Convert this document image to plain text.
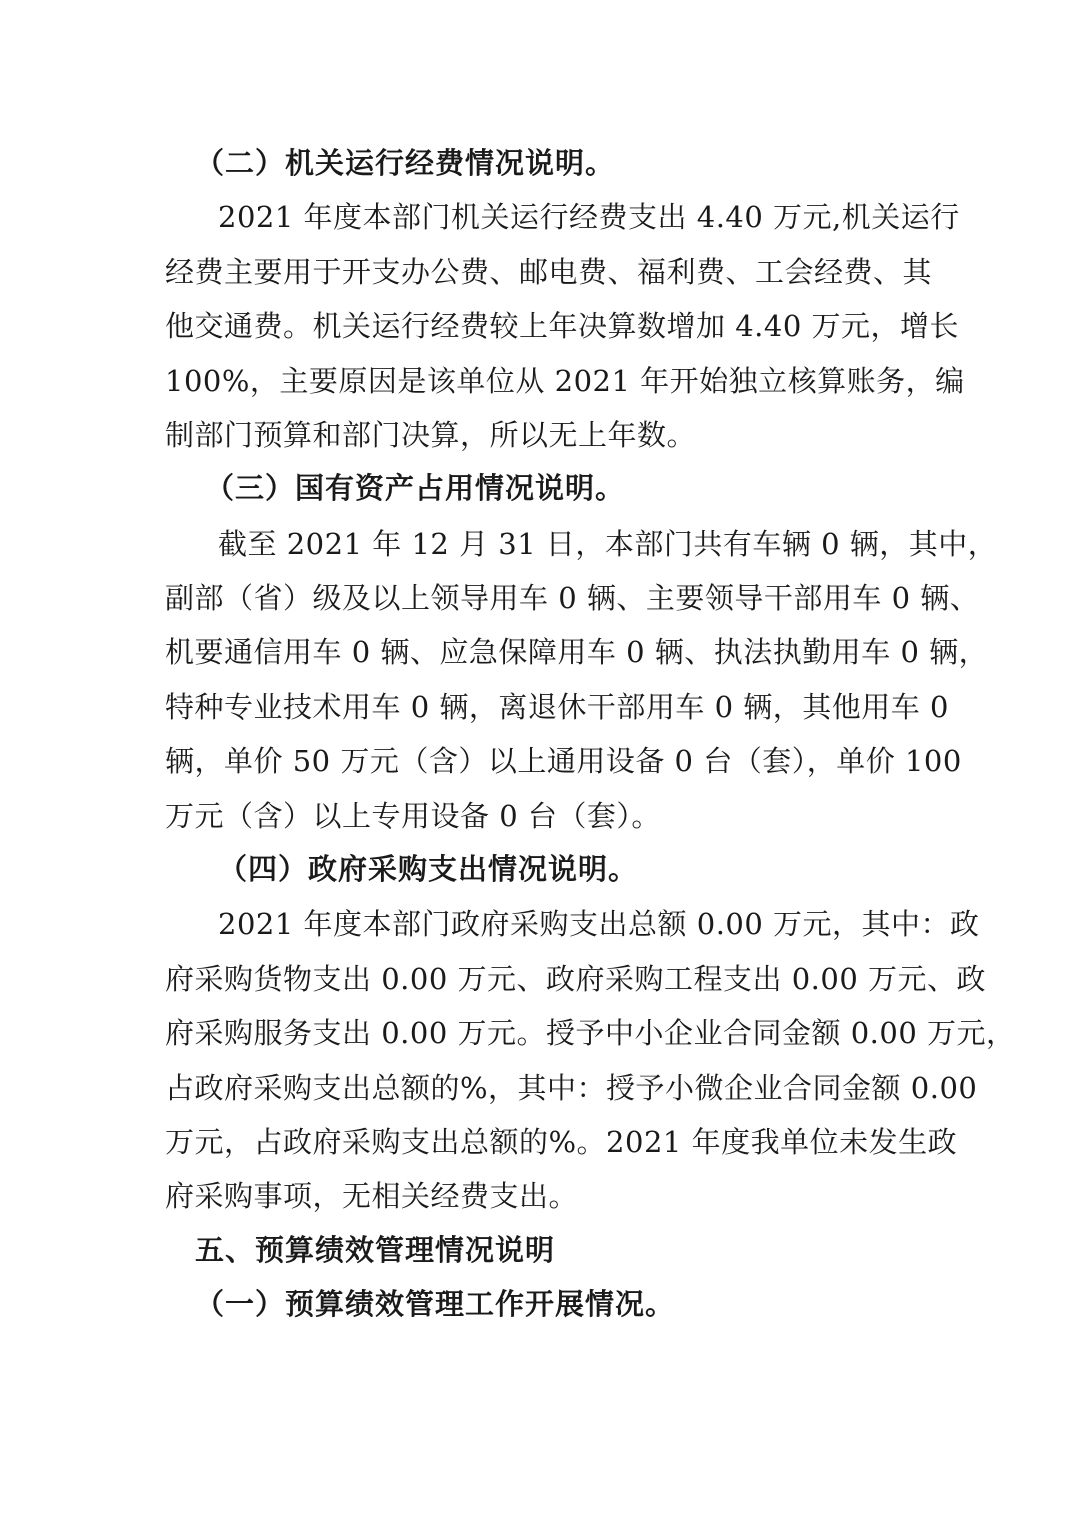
（二）机关运行经费情况说明。
2021 年度本部门机关运行经费支出 4.40 万元,机关运行
经费主要用于开支办公费、邮电费、福利费、工会经费、其
他交通费。机关运行经费较上年决算数增加 4.40 万元，增长
100%，主要原因是该单位从 2021 年开始独立核算账务，编
制部门预算和部门决算，所以无上年数。
（三）国有资产占用情况说明。
截至 2021 年 12 月 31 日，本部门共有车辆 0 辆，其中，
副部（省）级及以上领导用车 0 辆、主要领导干部用车 0 辆、
机要通信用车 0 辆、应急保障用车 0 辆、执法执勤用车 0 辆，
特种专业技术用车 0 辆，离退休干部用车 0 辆，其他用车 0
辆，单价 50 万元（含）以上通用设备 0 台（套），单价 100
万元（含）以上专用设备 0 台（套）。
（四）政府采购支出情况说明。
2021 年度本部门政府采购支出总额 0.00 万元，其中：政
府采购货物支出 0.00 万元、政府采购工程支出 0.00 万元、政
府采购服务支出 0.00 万元。授予中小企业合同金额 0.00 万元，
占政府采购支出总额的%，其中：授予小微企业合同金额 0.00
万元，占政府采购支出总额的%。2021 年度我单位未发生政
府采购事项，无相关经费支出。
五、预算绩效管理情况说明
（一）预算绩效管理工作开展情况。
